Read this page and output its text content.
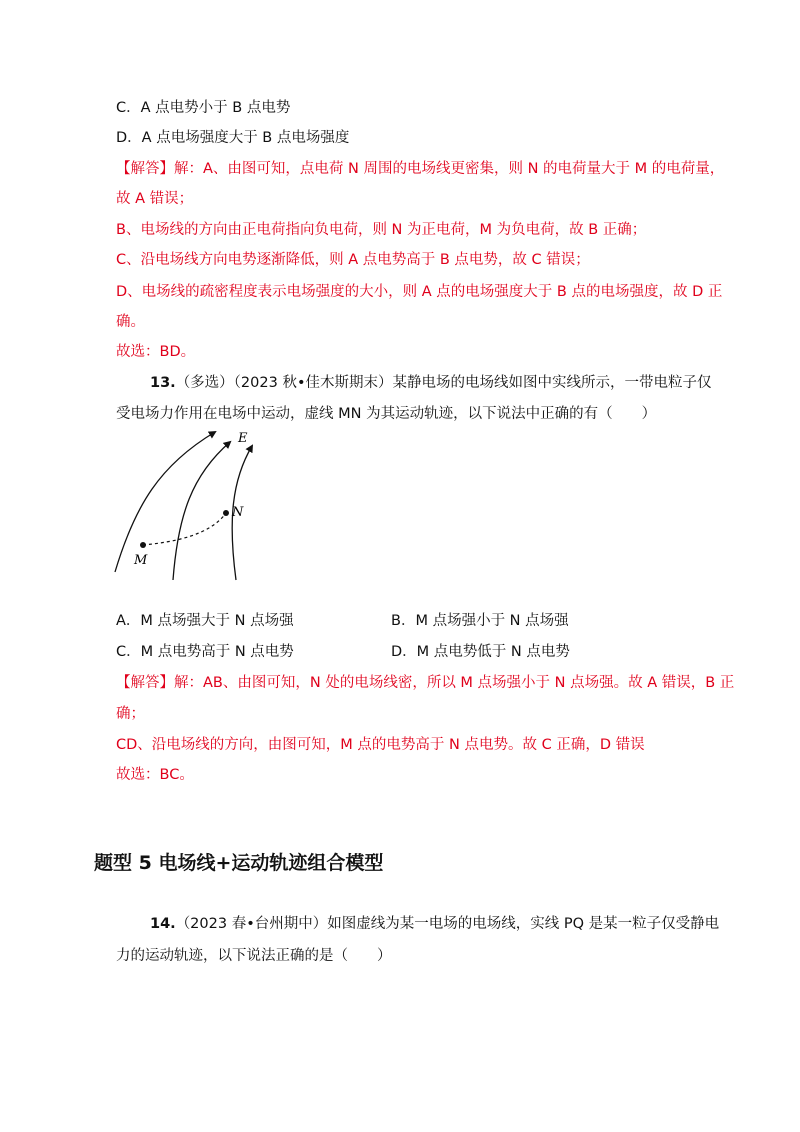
C．A 点电势小于 B 点电势
D．A 点电场强度大于 B 点电场强度
【解答】解：A、由图可知，点电荷 N 周围的电场线更密集，则 N 的电荷量大于 M 的电荷量，
故 A 错误；
B、电场线的方向由正电荷指向负电荷，则 N 为正电荷，M 为负电荷，故 B 正确；
C、沿电场线方向电势逐渐降低，则 A 点电势高于 B 点电势，故 C 错误；
D、电场线的疏密程度表示电场强度的大小，则 A 点的电场强度大于 B 点的电场强度，故 D 正
确。
故选：BD。
13.（多选）（2023 秋•佳木斯期末）某静电场的电场线如图中实线所示，一带电粒子仅
受电场力作用在电场中运动，虚线 MN 为其运动轨迹，以下说法中正确的有（　　）
E
N
M
A．M 点场强大于 N 点场强	B．M 点场强小于 N 点场强
C．M 点电势高于 N 点电势	D．M 点电势低于 N 点电势
【解答】解：AB、由图可知，N 处的电场线密，所以 M 点场强小于 N 点场强。故 A 错误，B 正
确；
CD、沿电场线的方向，由图可知，M 点的电势高于 N 点电势。故 C 正确，D 错误
故选：BC。
题型 5 电场线+运动轨迹组合模型
14.（2023 春•台州期中）如图虚线为某一电场的电场线，实线 PQ 是某一粒子仅受静电
力的运动轨迹，以下说法正确的是（　　）
